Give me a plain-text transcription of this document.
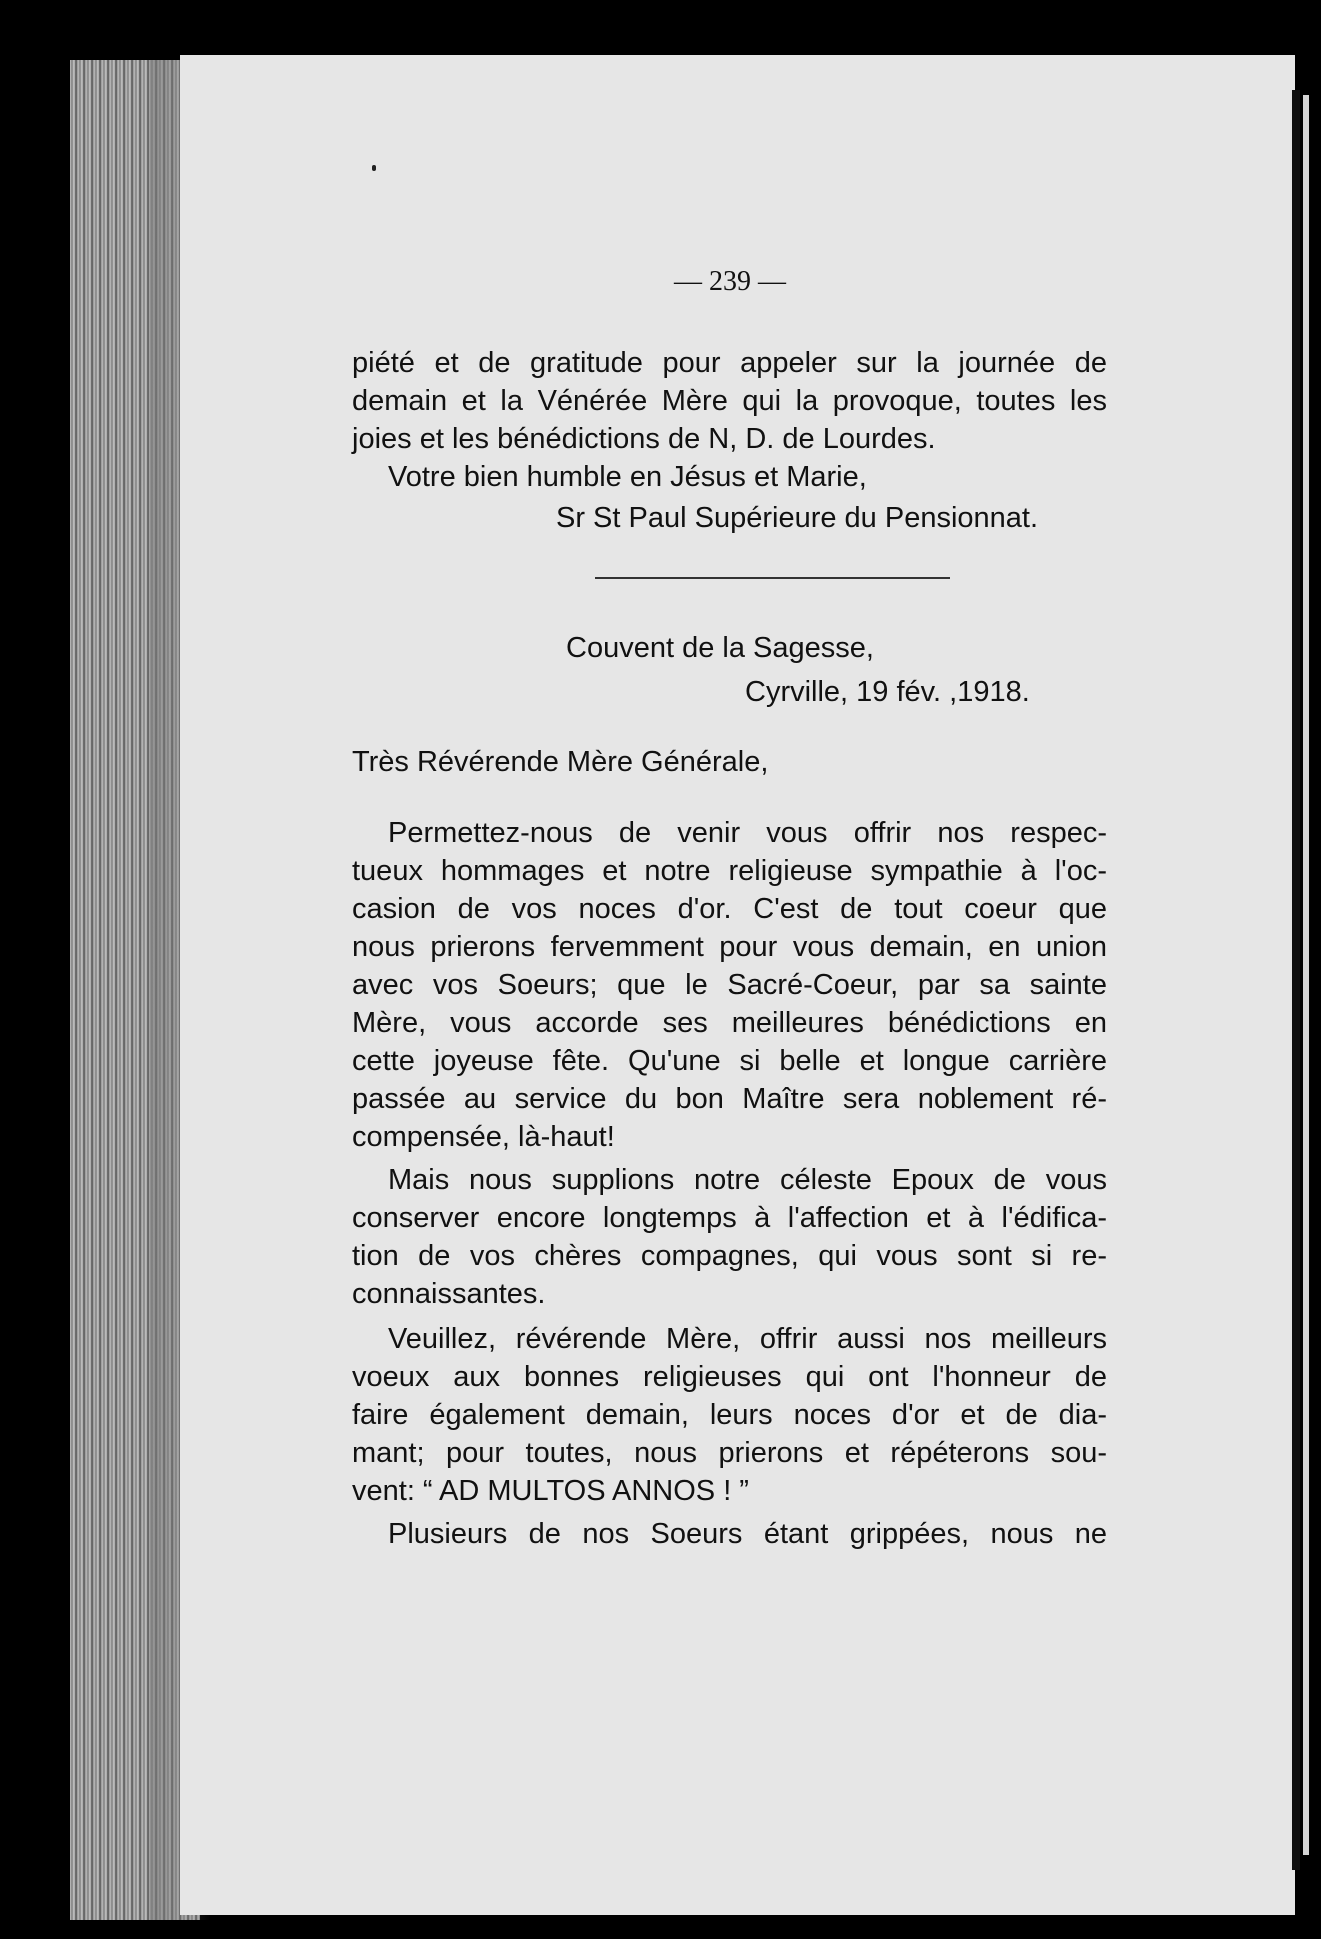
— 239 —
piété et de gratitude pour appeler sur la journée de
demain et la Vénérée Mère qui la provoque, toutes les
joies et les bénédictions de N, D. de Lourdes.
Votre bien humble en Jésus et Marie,
Sr St Paul Supérieure du Pensionnat.
Couvent de la Sagesse,
Cyrville, 19 fév. ,1918.
Très Révérende Mère Générale,
Permettez-nous de venir vous offrir nos respec-
tueux hommages et notre religieuse sympathie à l'oc-
casion de vos noces d'or. C'est de tout coeur que
nous prierons fervemment pour vous demain, en union
avec vos Soeurs; que le Sacré-Coeur, par sa sainte
Mère, vous accorde ses meilleures bénédictions en
cette joyeuse fête. Qu'une si belle et longue carrière
passée au service du bon Maître sera noblement ré-
compensée, là-haut!
Mais nous supplions notre céleste Epoux de vous
conserver encore longtemps à l'affection et à l'édifica-
tion de vos chères compagnes, qui vous sont si re-
connaissantes.
Veuillez, révérende Mère, offrir aussi nos meilleurs
voeux aux bonnes religieuses qui ont l'honneur de
faire également demain, leurs noces d'or et de dia-
mant; pour toutes, nous prierons et répéterons sou-
vent: “ AD MULTOS ANNOS ! ”
Plusieurs de nos Soeurs étant grippées, nous ne
